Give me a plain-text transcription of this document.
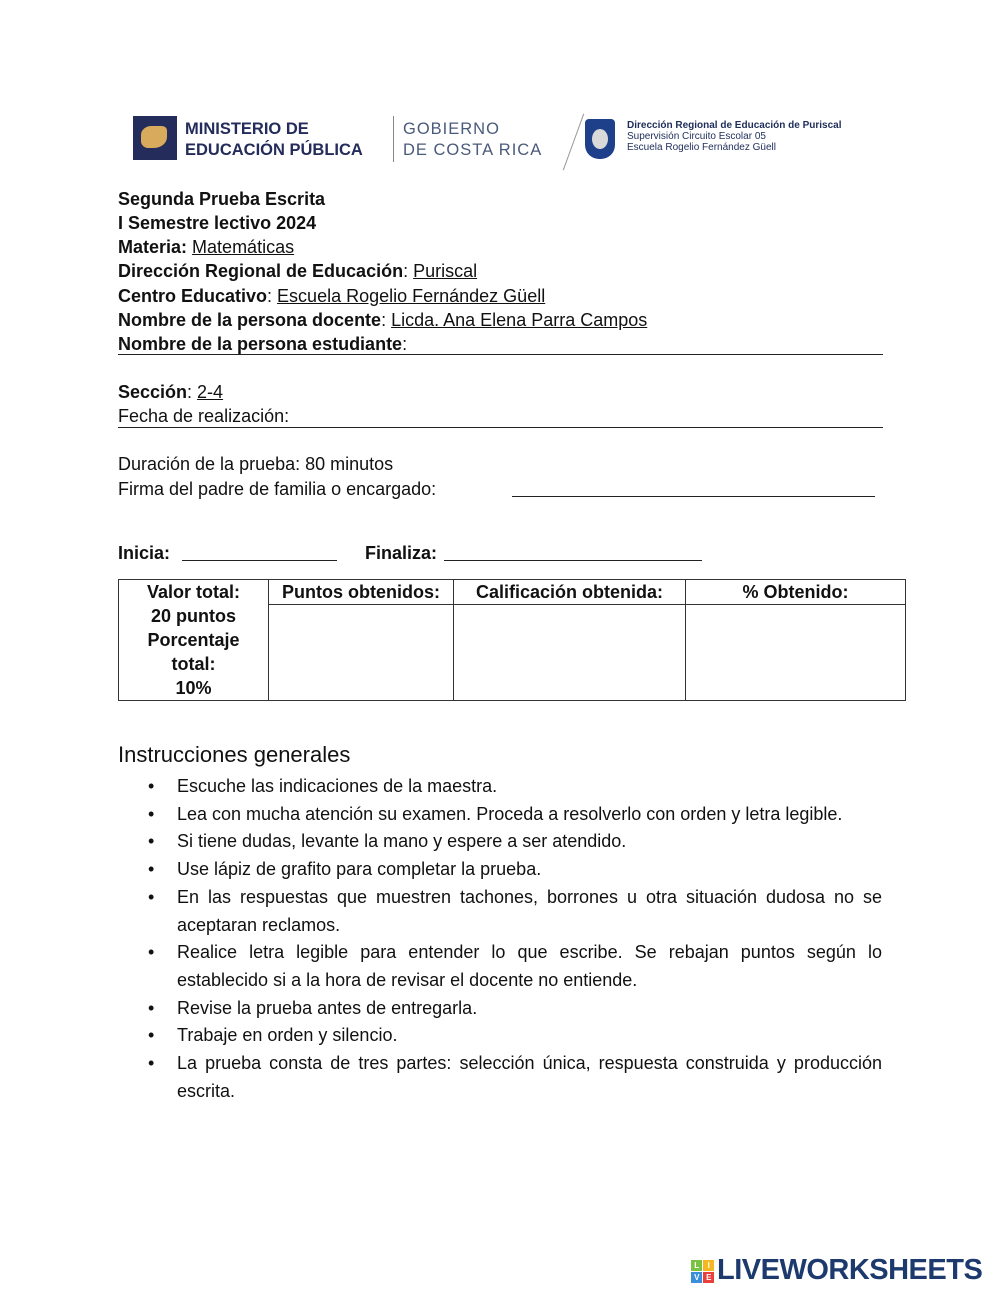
MINISTERIO DE
EDUCACIÓN PÚBLICA
GOBIERNO
DE COSTA RICA
Dirección Regional de Educación de Puriscal
Supervisión Circuito Escolar 05
Escuela Rogelio Fernández Güell
Segunda Prueba Escrita
I Semestre lectivo 2024
Materia: Matemáticas
Dirección Regional de Educación: Puriscal
Centro Educativo: Escuela Rogelio Fernández Güell
Nombre de la persona docente: Licda. Ana Elena Parra Campos
Nombre de la persona estudiante:
Sección: 2-4
Fecha de realización:
Duración de la prueba: 80 minutos
Firma del padre de familia o encargado:
Inicia:	Finaliza:
Valor total:
20 puntos
Porcentaje
total:
10%	Puntos obtenidos:	Calificación obtenida:	% Obtenido:

Instrucciones generales
• Escuche las indicaciones de la maestra.
• Lea con mucha atención su examen. Proceda a resolverlo con orden y letra legible.
• Si tiene dudas, levante la mano y espere a ser atendido.
• Use lápiz de grafito para completar la prueba.
• En las respuestas que muestren tachones, borrones u otra situación dudosa no se aceptaran reclamos.
• Realice letra legible para entender lo que escribe. Se rebajan puntos según lo establecido si a la hora de revisar el docente no entiende.
• Revise la prueba antes de entregarla.
• Trabaje en orden y silencio.
• La prueba consta de tres partes: selección única, respuesta construida y producción escrita.
L	I
V E LIVEWORKSHEETS
